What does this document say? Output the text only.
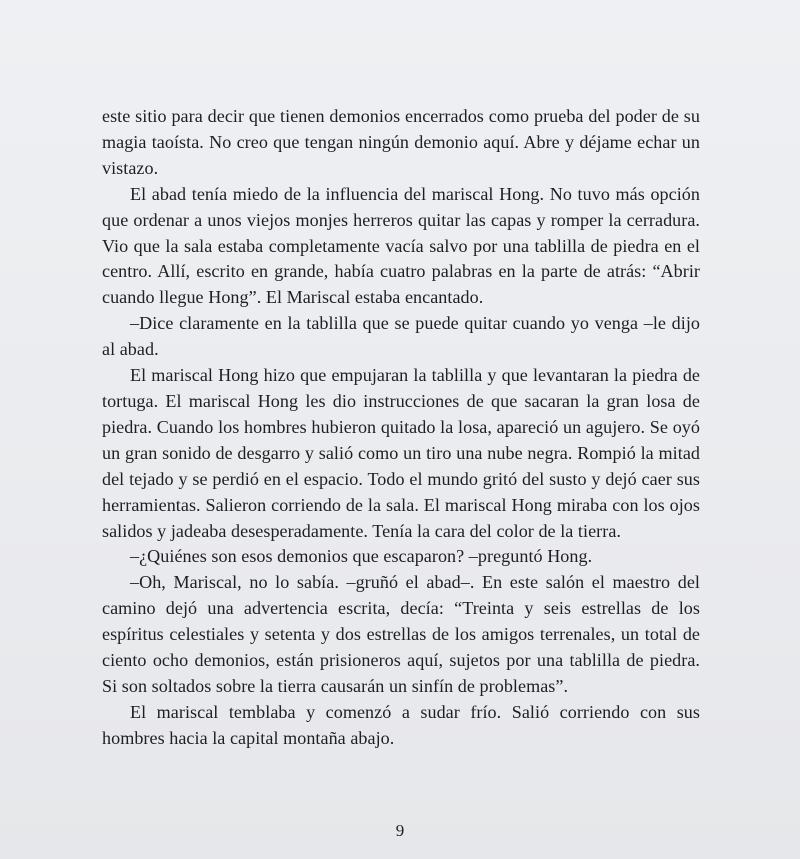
este sitio para decir que tienen demonios encerrados como prueba del poder de su magia taoísta. No creo que tengan ningún demonio aquí. Abre y déjame echar un vistazo.

El abad tenía miedo de la influencia del mariscal Hong. No tuvo más opción que ordenar a unos viejos monjes herreros quitar las capas y romper la cerradura. Vio que la sala estaba completamente vacía salvo por una tablilla de piedra en el centro. Allí, escrito en grande, había cuatro palabras en la parte de atrás: “Abrir cuando llegue Hong”. El Mariscal estaba encantado.

–Dice claramente en la tablilla que se puede quitar cuando yo venga –le dijo al abad.

El mariscal Hong hizo que empujaran la tablilla y que levantaran la piedra de tortuga. El mariscal Hong les dio instrucciones de que sacaran la gran losa de piedra. Cuando los hombres hubieron quitado la losa, apareció un agujero. Se oyó un gran sonido de desgarro y salió como un tiro una nube negra. Rompió la mitad del tejado y se perdió en el espacio. Todo el mundo gritó del susto y dejó caer sus herramientas. Salieron corriendo de la sala. El mariscal Hong miraba con los ojos salidos y jadeaba desesperadamente. Tenía la cara del color de la tierra.

–¿Quiénes son esos demonios que escaparon? –preguntó Hong.

–Oh, Mariscal, no lo sabía. –gruñó el abad–. En este salón el maestro del camino dejó una advertencia escrita, decía: “Treinta y seis estrellas de los espíritus celestiales y setenta y dos estrellas de los amigos terrenales, un total de ciento ocho demonios, están prisioneros aquí, sujetos por una tablilla de piedra. Si son soltados sobre la tierra causarán un sinfín de problemas”.

El mariscal temblaba y comenzó a sudar frío. Salió corriendo con sus hombres hacia la capital montaña abajo.

9
